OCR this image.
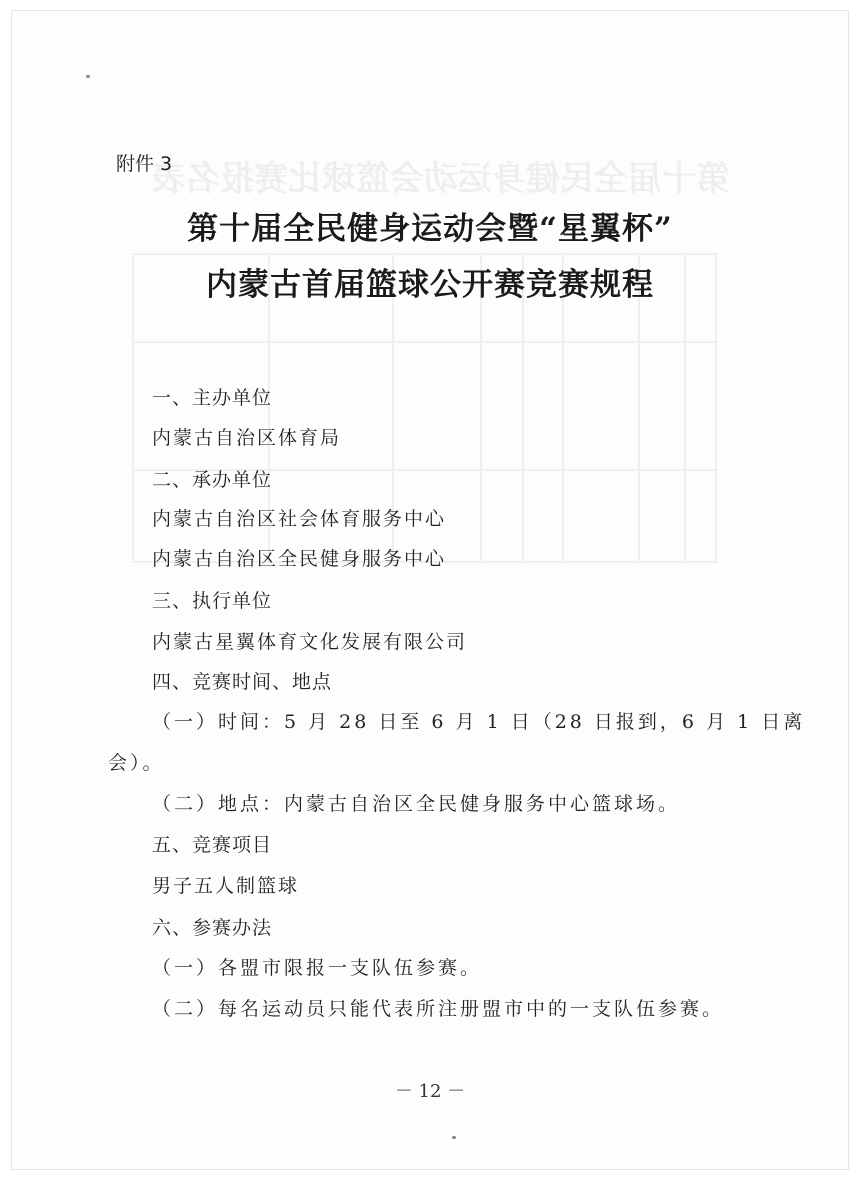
第十届全民健身运动会篮球比赛报名表
附件 3
第十届全民健身运动会暨“星翼杯”
内蒙古首届篮球公开赛竞赛规程
一、主办单位
内蒙古自治区体育局
二、承办单位
内蒙古自治区社会体育服务中心
内蒙古自治区全民健身服务中心
三、执行单位
内蒙古星翼体育文化发展有限公司
四、竞赛时间、地点
（一）时间：5 月 28 日至 6 月 1 日（28 日报到，6 月 1 日离
会）。
（二）地点：内蒙古自治区全民健身服务中心篮球场。
五、竞赛项目
男子五人制篮球
六、参赛办法
（一）各盟市限报一支队伍参赛。
（二）每名运动员只能代表所注册盟市中的一支队伍参赛。
－ 12 －
